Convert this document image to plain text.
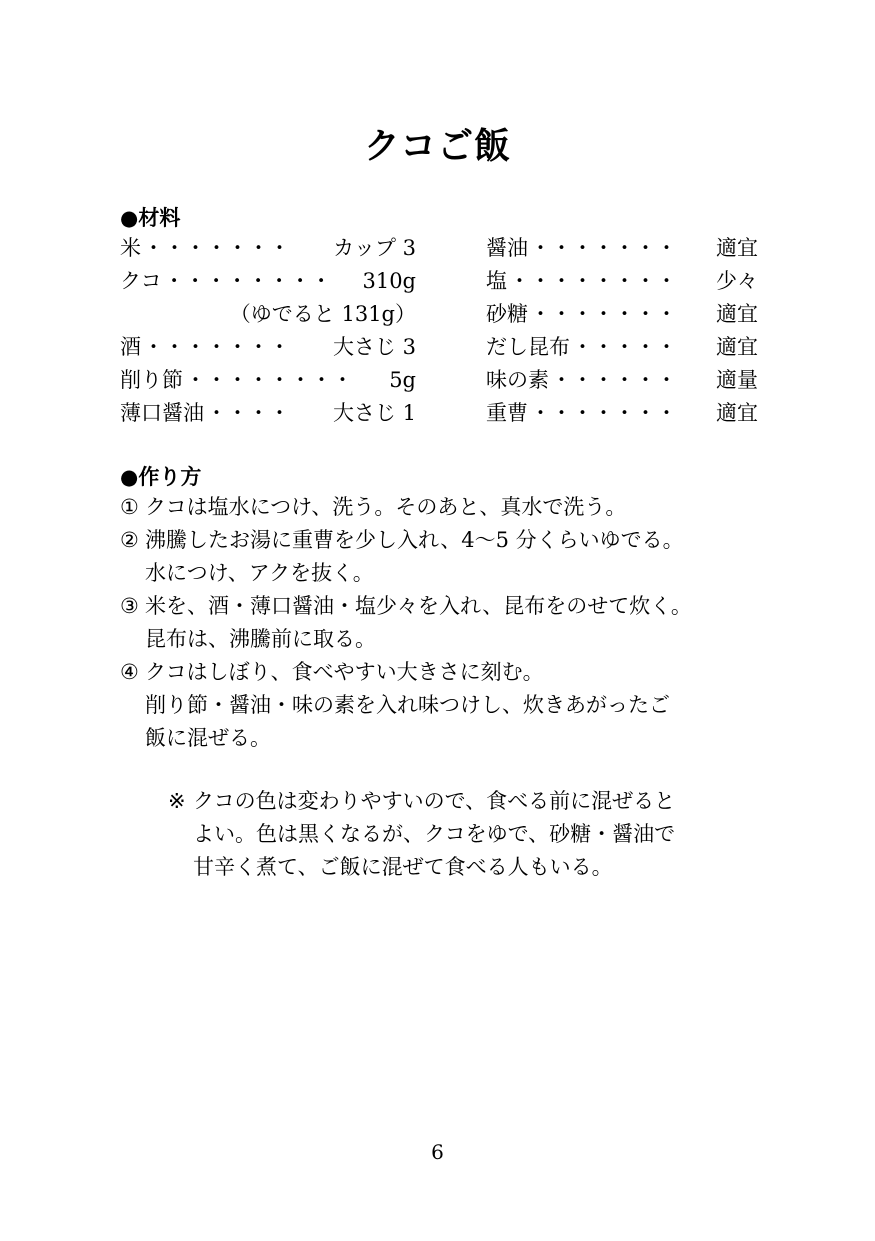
クコご飯
●材料
米 ・・・・・・・	カップ 3
クコ ・・・・・・・・	310g
（ゆでると 131g）
酒 ・・・・・・・	大さじ 3
削り節 ・・・・・・・・	5g
薄口醤油 ・・・・	大さじ 1
醤油 ・・・・・・・	適宜
塩 ・・・・・・・・	少々
砂糖 ・・・・・・・	適宜
だし昆布 ・・・・・	適宜
味の素 ・・・・・・	適量
重曹 ・・・・・・・	適宜
●作り方
① クコは塩水につけ、洗う。そのあと、真水で洗う。
② 沸騰したお湯に重曹を少し入れ、4〜5 分くらいゆでる。
水につけ、アクを抜く。
③ 米を、酒・薄口醤油・塩少々を入れ、昆布をのせて炊く。
昆布は、沸騰前に取る。
④ クコはしぼり、食べやすい大きさに刻む。
削り節・醤油・味の素を入れ味つけし、炊きあがったご
飯に混ぜる。
※ クコの色は変わりやすいので、食べる前に混ぜると
よい。色は黒くなるが、クコをゆで、砂糖・醤油で
甘辛く煮て、ご飯に混ぜて食べる人もいる。
6
